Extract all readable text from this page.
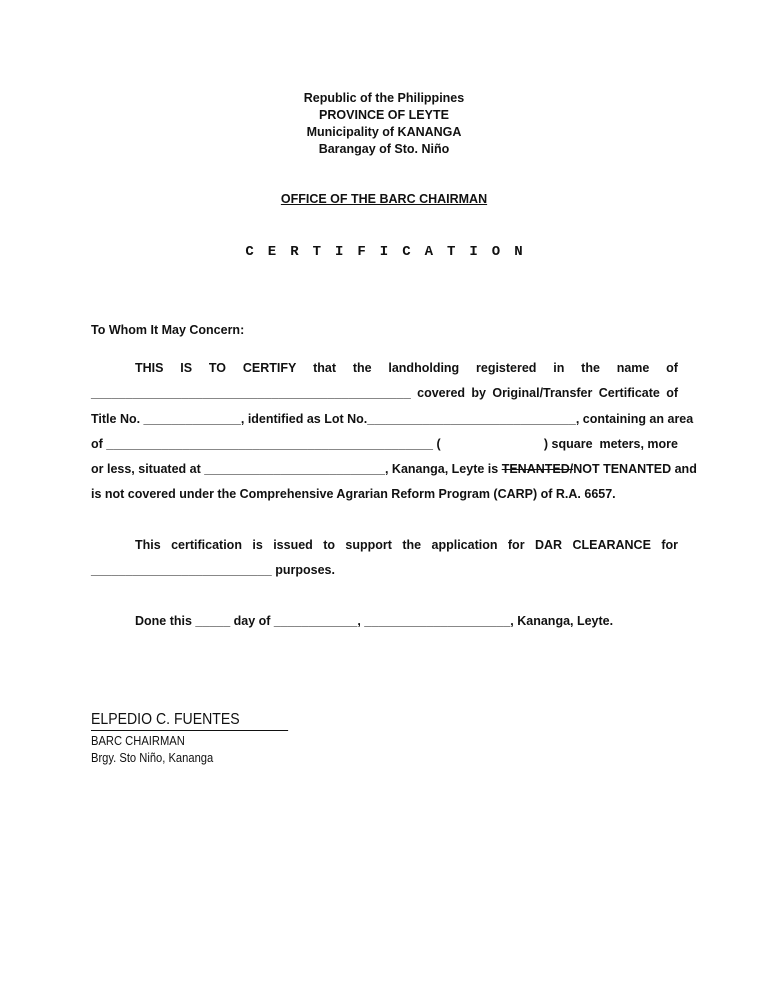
Republic of the Philippines
PROVINCE OF LEYTE
Municipality of KANANGA
Barangay of Sto. Niño
OFFICE OF THE BARC CHAIRMAN
CERTIFICATION
To Whom It May Concern:
THIS IS TO CERTIFY that the landholding registered in the name of
______________________________________________ covered by Original/Transfer Certificate of
Title No. ______________, identified as Lot No.______________________________, containing an area
of _______________________________________________ (	) square  meters, more
or less, situated at __________________________, Kananga, Leyte is TENANTED/NOT TENANTED and
is not covered under the Comprehensive Agrarian Reform Program (CARP) of R.A. 6657.
This certification is issued to support the application for DAR CLEARANCE for
__________________________ purposes.
Done this _____ day of ____________, _____________________, Kananga, Leyte.
ELPEDIO C. FUENTES
BARC CHAIRMAN
Brgy. Sto Niño, Kananga
